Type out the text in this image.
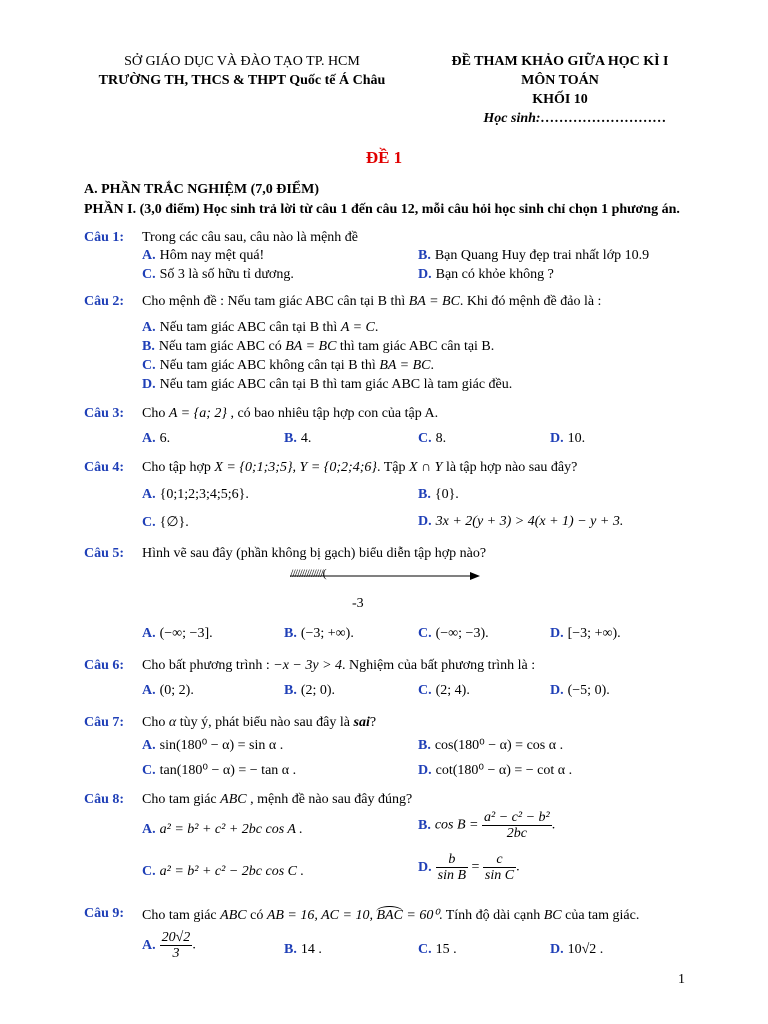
SỞ GIÁO DỤC VÀ ĐÀO TẠO TP. HCM
TRƯỜNG TH, THCS & THPT Quốc tế Á Châu
ĐỀ THAM KHẢO GIỮA HỌC KÌ I
MÔN TOÁN
KHỐI 10
Học sinh:………………………
ĐỀ 1
A. PHẦN TRẮC NGHIỆM (7,0 ĐIỂM)
PHẦN I. (3,0 điểm) Học sinh trả lời từ câu 1 đến câu 12, mỗi câu hỏi học sinh chỉ chọn 1 phương án.
Câu 1: Trong các câu sau, câu nào là mệnh đề
A. Hôm nay mệt quá!	B. Bạn Quang Huy đẹp trai nhất lớp 10.9
C. Số 3 là số hữu tỉ dương.	D. Bạn có khỏe không ?
Câu 2: Cho mệnh đề : Nếu tam giác ABC cân tại B thì BA = BC. Khi đó mệnh đề đảo là :
A. Nếu tam giác ABC cân tại B thì A = C.
B. Nếu tam giác ABC có BA = BC thì tam giác ABC cân tại B.
C. Nếu tam giác ABC không cân tại B thì BA = BC.
D. Nếu tam giác ABC cân tại B thì tam giác ABC là tam giác đều.
Câu 3: Cho A = {a; 2} , có bao nhiêu tập hợp con của tập A.
A. 6.	B. 4.	C. 8.	D. 10.
Câu 4: Cho tập hợp X = {0;1;3;5}, Y = {0;2;4;6}. Tập X ∩ Y là tập hợp nào sau đây?
A. {0;1;2;3;4;5;6}.	B. {0}.
C. {∅}.	D. 3x + 2(y + 3) > 4(x + 1) − y + 3.
Câu 5: Hình vẽ sau đây (phần không bị gạch) biểu diễn tập hợp nào?
//////////////(
-3
A. (−∞; −3].	B. (−3; +∞).	C. (−∞; −3).	D. [−3; +∞).
Câu 6: Cho bất phương trình : −x − 3y > 4. Nghiệm của bất phương trình là :
A. (0; 2).	B. (2; 0).	C. (2; 4).	D. (−5; 0).
Câu 7: Cho α tùy ý, phát biểu nào sau đây là sai?
A. sin(180⁰ − α) = sin α .	B. cos(180⁰ − α) = cos α .
C. tan(180⁰ − α) = − tan α .	D. cot(180⁰ − α) = − cot α .
Câu 8: Cho tam giác ABC , mệnh đề nào sau đây đúng?
A. a² = b² + c² + 2bc cos A .	B. $\cos B = \frac{\text{a² − c² − b²}}{2bc}$ .
C. a² = b² + c² − 2bc cos C .	D. $\frac{b}{\text{sin B}} = \frac{c}{\text{sin C}}$ .
Câu 9: Cho tam giác ABC có AB = 16, AC = 10, BAC = 60⁰. Tính độ dài cạnh BC của tam giác.
A. $\frac{20√2}{3}$ .	B. 14 .	C. 15 .	D. 10√2 .
1
